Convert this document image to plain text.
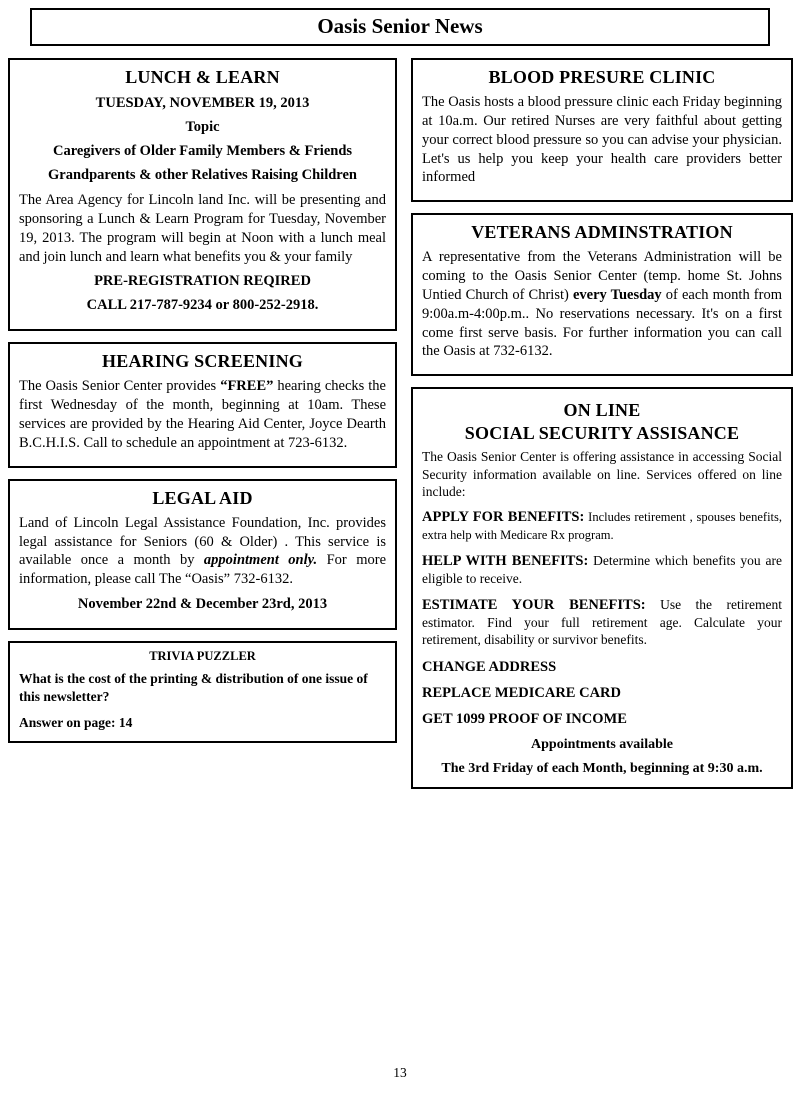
Oasis Senior News
LUNCH & LEARN
TUESDAY, NOVEMBER 19, 2013
Topic
Caregivers of Older Family Members & Friends
Grandparents & other Relatives Raising Children
The Area Agency for Lincoln land Inc. will be presenting and sponsoring a Lunch & Learn Program for Tuesday, November 19, 2013. The program will begin at Noon with a lunch meal and join lunch and learn what benefits you & your family
PRE-REGISTRATION REQIRED
CALL 217-787-9234 or 800-252-2918.
HEARING SCREENING
The Oasis Senior Center provides “FREE” hearing checks the first Wednesday of the month, beginning at 10am. These services are provided by the Hearing Aid Center, Joyce Dearth B.C.H.I.S. Call to schedule an appointment at 723-6132.
LEGAL AID
Land of Lincoln Legal Assistance Foundation, Inc. provides legal assistance for Seniors (60 & Older) . This service is available once a month by appointment only. For more information, please call The “Oasis” 732-6132.
November 22nd & December 23rd, 2013
TRIVIA PUZZLER
What is the cost of the printing & distribution of one issue of this newsletter?
Answer on page: 14
BLOOD PRESURE CLINIC
The Oasis hosts a blood pressure clinic each Friday beginning at 10a.m. Our retired Nurses are very faithful about getting your correct blood pressure so you can advise your physician. Let's us help you keep your health care providers better informed
VETERANS ADMINSTRATION
A representative from the Veterans Administration will be coming to the Oasis Senior Center (temp. home St. Johns Untied Church of Christ) every Tuesday of each month from 9:00a.m-4:00p.m.. No reservations necessary. It's on a first come first serve basis. For further information you can call the Oasis at 732-6132.
ON LINE
SOCIAL SECURITY ASSISANCE
The Oasis Senior Center is offering assistance in accessing Social Security information available on line. Services offered on line include:
APPLY FOR BENEFITS: Includes retirement , spouses benefits, extra help with Medicare Rx program.
HELP WITH BENEFITS: Determine which benefits you are eligible to receive.
ESTIMATE YOUR BENEFITS: Use the retirement estimator. Find your full retirement age. Calculate your retirement, disability or survivor benefits.
CHANGE ADDRESS
REPLACE MEDICARE CARD
GET 1099 PROOF OF INCOME
Appointments available
The 3rd Friday of each Month, beginning at 9:30 a.m.
13
